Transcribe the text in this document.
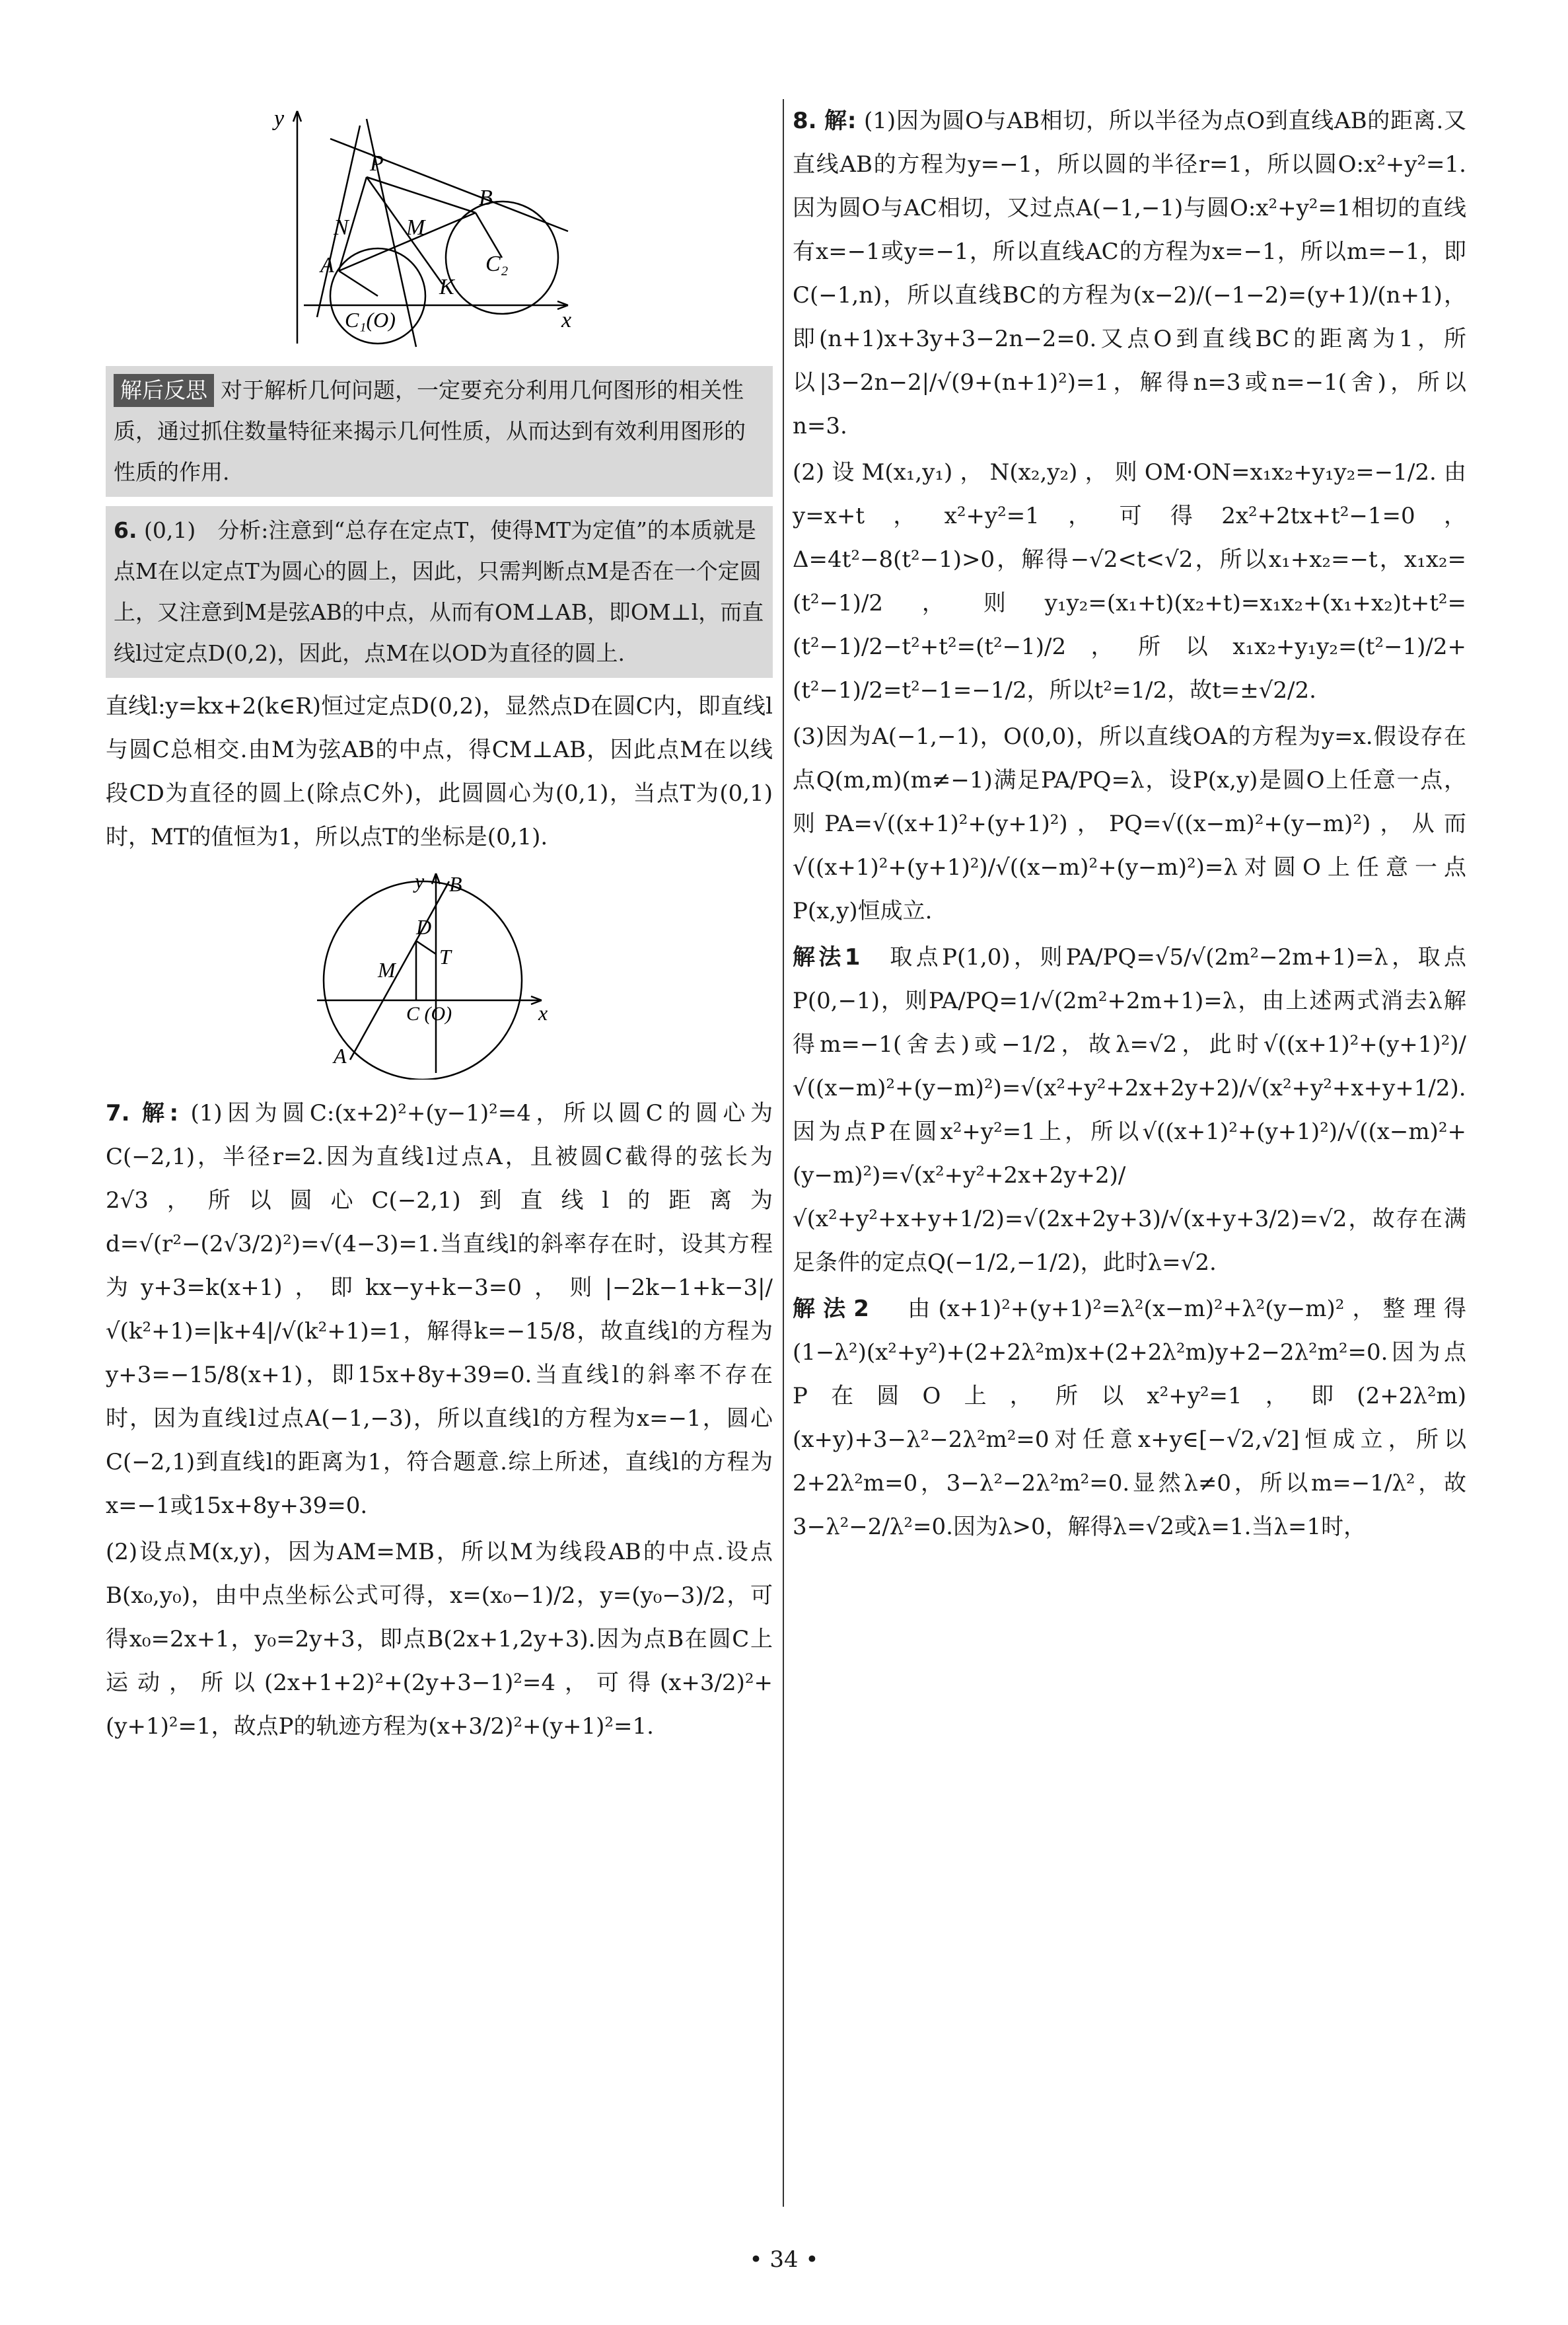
y
x
P
B
N	M
C₂
A
K
C₁(O)
解后反思 对于解析几何问题，一定要充分利用几何图形的相关性质，通过抓住数量特征来揭示几何性质，从而达到有效利用图形的性质的作用.
6. (0,1)　分析:注意到“总存在定点T，使得MT为定值”的本质就是点M在以定点T为圆心的圆上，因此，只需判断点M是否在一个定圆上，又注意到M是弦AB的中点，从而有OM⊥AB，即OM⊥l，而直线l过定点D(0,2)，因此，点M在以OD为直径的圆上.

直线l:y=kx+2(k∈R)恒过定点D(0,2)，显然点D在圆C内，即直线l与圆C总相交.由M为弦AB的中点，得CM⊥AB，因此点M在以线段CD为直径的圆上(除点C外)，此圆圆心为(0,1)，当点T为(0,1)时，MT的值恒为1，所以点T的坐标是(0,1).

y
x
B
D
M
T
C (O)
A

7. 解: (1)因为圆C:(x+2)²+(y−1)²=4，所以圆C的圆心为C(−2,1)，半径r=2.因为直线l过点A，且被圆C截得的弦长为2√3，所以圆心C(−2,1)到直线l的距离为d=√(r²−(2√3/2)²)=√(4−3)=1.当直线l的斜率存在时，设其方程为y+3=k(x+1)，即kx−y+k−3=0，则|−2k−1+k−3|/√(k²+1)=|k+4|/√(k²+1)=1，解得k=−15/8，故直线l的方程为y+3=−15/8(x+1)，即15x+8y+39=0.当直线l的斜率不存在时，因为直线l过点A(−1,−3)，所以直线l的方程为x=−1，圆心C(−2,1)到直线l的距离为1，符合题意.综上所述，直线l的方程为x=−1或15x+8y+39=0.

(2)设点M(x,y)，因为AM=MB，所以M为线段AB的中点.设点B(x₀,y₀)，由中点坐标公式可得，x=(x₀−1)/2，y=(y₀−3)/2，可得x₀=2x+1，y₀=2y+3，即点B(2x+1,2y+3).因为点B在圆C上运动，所以(2x+1+2)²+(2y+3−1)²=4，可得(x+3/2)²+(y+1)²=1，故点P的轨迹方程为(x+3/2)²+(y+1)²=1.

8. 解: (1)因为圆O与AB相切，所以半径为点O到直线AB的距离.又直线AB的方程为y=−1，所以圆的半径r=1，所以圆O:x²+y²=1.因为圆O与AC相切，又过点A(−1,−1)与圆O:x²+y²=1相切的直线有x=−1或y=−1，所以直线AC的方程为x=−1，所以m=−1，即C(−1,n)，所以直线BC的方程为(x−2)/(−1−2)=(y+1)/(n+1)，即(n+1)x+3y+3−2n−2=0.又点O到直线BC的距离为1，所以|3−2n−2|/√(9+(n+1)²)=1，解得n=3或n=−1(舍)，所以n=3.

(2)设M(x₁,y₁)，N(x₂,y₂)，则OM·ON=x₁x₂+y₁y₂=−1/2.由 y=x+t，x²+y²=1，可得2x²+2tx+t²−1=0，Δ=4t²−8(t²−1)>0，解得−√2<t<√2，所以x₁+x₂=−t，x₁x₂=(t²−1)/2，则y₁y₂=(x₁+t)(x₂+t)=x₁x₂+(x₁+x₂)t+t²=(t²−1)/2−t²+t²=(t²−1)/2，所以x₁x₂+y₁y₂=(t²−1)/2+(t²−1)/2=t²−1=−1/2，所以t²=1/2，故t=±√2/2.

(3)因为A(−1,−1)，O(0,0)，所以直线OA的方程为y=x.假设存在点Q(m,m)(m≠−1)满足PA/PQ=λ，设P(x,y)是圆O上任意一点，则PA=√((x+1)²+(y+1)²)，PQ=√((x−m)²+(y−m)²)，从而√((x+1)²+(y+1)²)/√((x−m)²+(y−m)²)=λ对圆O上任意一点P(x,y)恒成立.

解法1　 取点P(1,0)，则PA/PQ=√5/√(2m²−2m+1)=λ，取点P(0,−1)，则PA/PQ=1/√(2m²+2m+1)=λ，由上述两式消去λ解得m=−1(舍去)或−1/2，故λ=√2，此时√((x+1)²+(y+1)²)/√((x−m)²+(y−m)²)=√(x²+y²+2x+2y+2)/√(x²+y²+x+y+1/2).因为点P在圆x²+y²=1上，所以√((x+1)²+(y+1)²)/√((x−m)²+(y−m)²)=√(x²+y²+2x+2y+2)/√(x²+y²+x+y+1/2)=√(2x+2y+3)/√(x+y+3/2)=√2，故存在满足条件的定点Q(−1/2,−1/2)，此时λ=√2.

解法2　 由(x+1)²+(y+1)²=λ²(x−m)²+λ²(y−m)²，整理得(1−λ²)(x²+y²)+(2+2λ²m)x+(2+2λ²m)y+2−2λ²m²=0.因为点P在圆O上，所以x²+y²=1，即(2+2λ²m)(x+y)+3−λ²−2λ²m²=0对任意x+y∈[−√2,√2]恒成立，所以 2+2λ²m=0，3−λ²−2λ²m²=0.显然λ≠0，所以m=−1/λ²，故3−λ²−2/λ²=0.因为λ>0，解得λ=√2或λ=1.当λ=1时，

• 34 •
